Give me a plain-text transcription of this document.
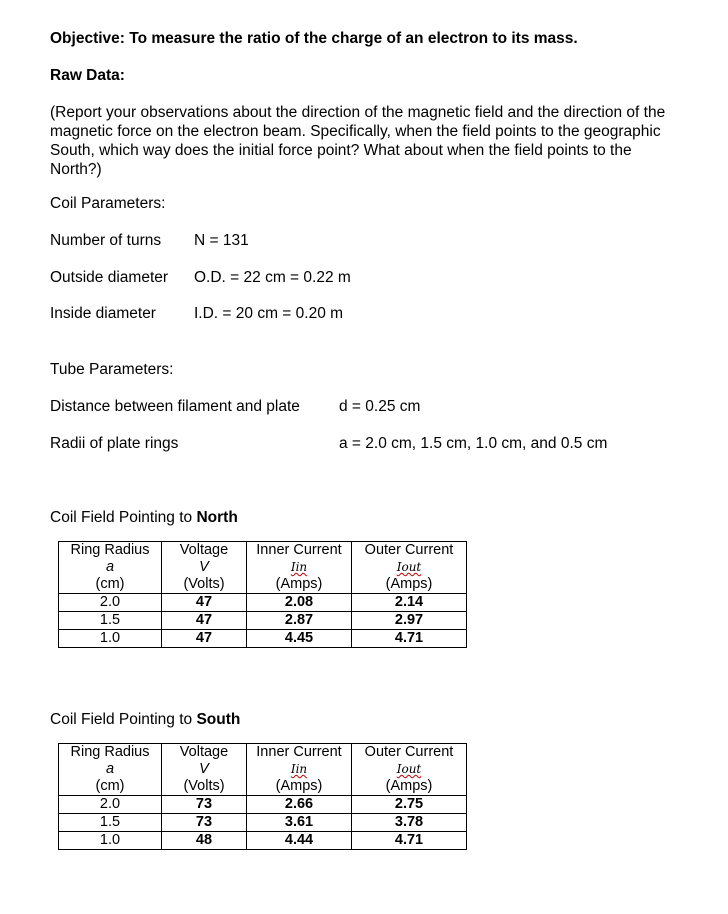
Objective: To measure the ratio of the charge of an electron to its mass.
Raw Data:

(Report your observations about the direction of the magnetic field and the direction of the magnetic force on the electron beam. Specifically, when the field points to the geographic South, which way does the initial force point? What about when the field points to the North?)

Coil Parameters:
Number of turns N = 131
Outside diameter O.D. = 22 cm = 0.22 m
Inside diameter I.D. = 20 cm = 0.20 m
Tube Parameters:
Distance between filament and plate	d = 0.25 cm
Radii of plate rings	a = 2.0 cm, 1.5 cm, 1.0 cm, and 0.5 cm
Coil Field Pointing to North
Ring Radius	Voltage	Inner Current	Outer Current
a	V	Iin	Iout
(cm)	(Volts)	(Amps)	(Amps)
2.0	47	2.08	2.14
1.5	47	2.87	2.97
1.0	47	4.45	4.71
Coil Field Pointing to South
Ring Radius	Voltage	Inner Current	Outer Current
a	V	Iin	Iout
(cm)	(Volts)	(Amps)	(Amps)
2.0	73	2.66	2.75
1.5	73	3.61	3.78
1.0	48	4.44	4.71
